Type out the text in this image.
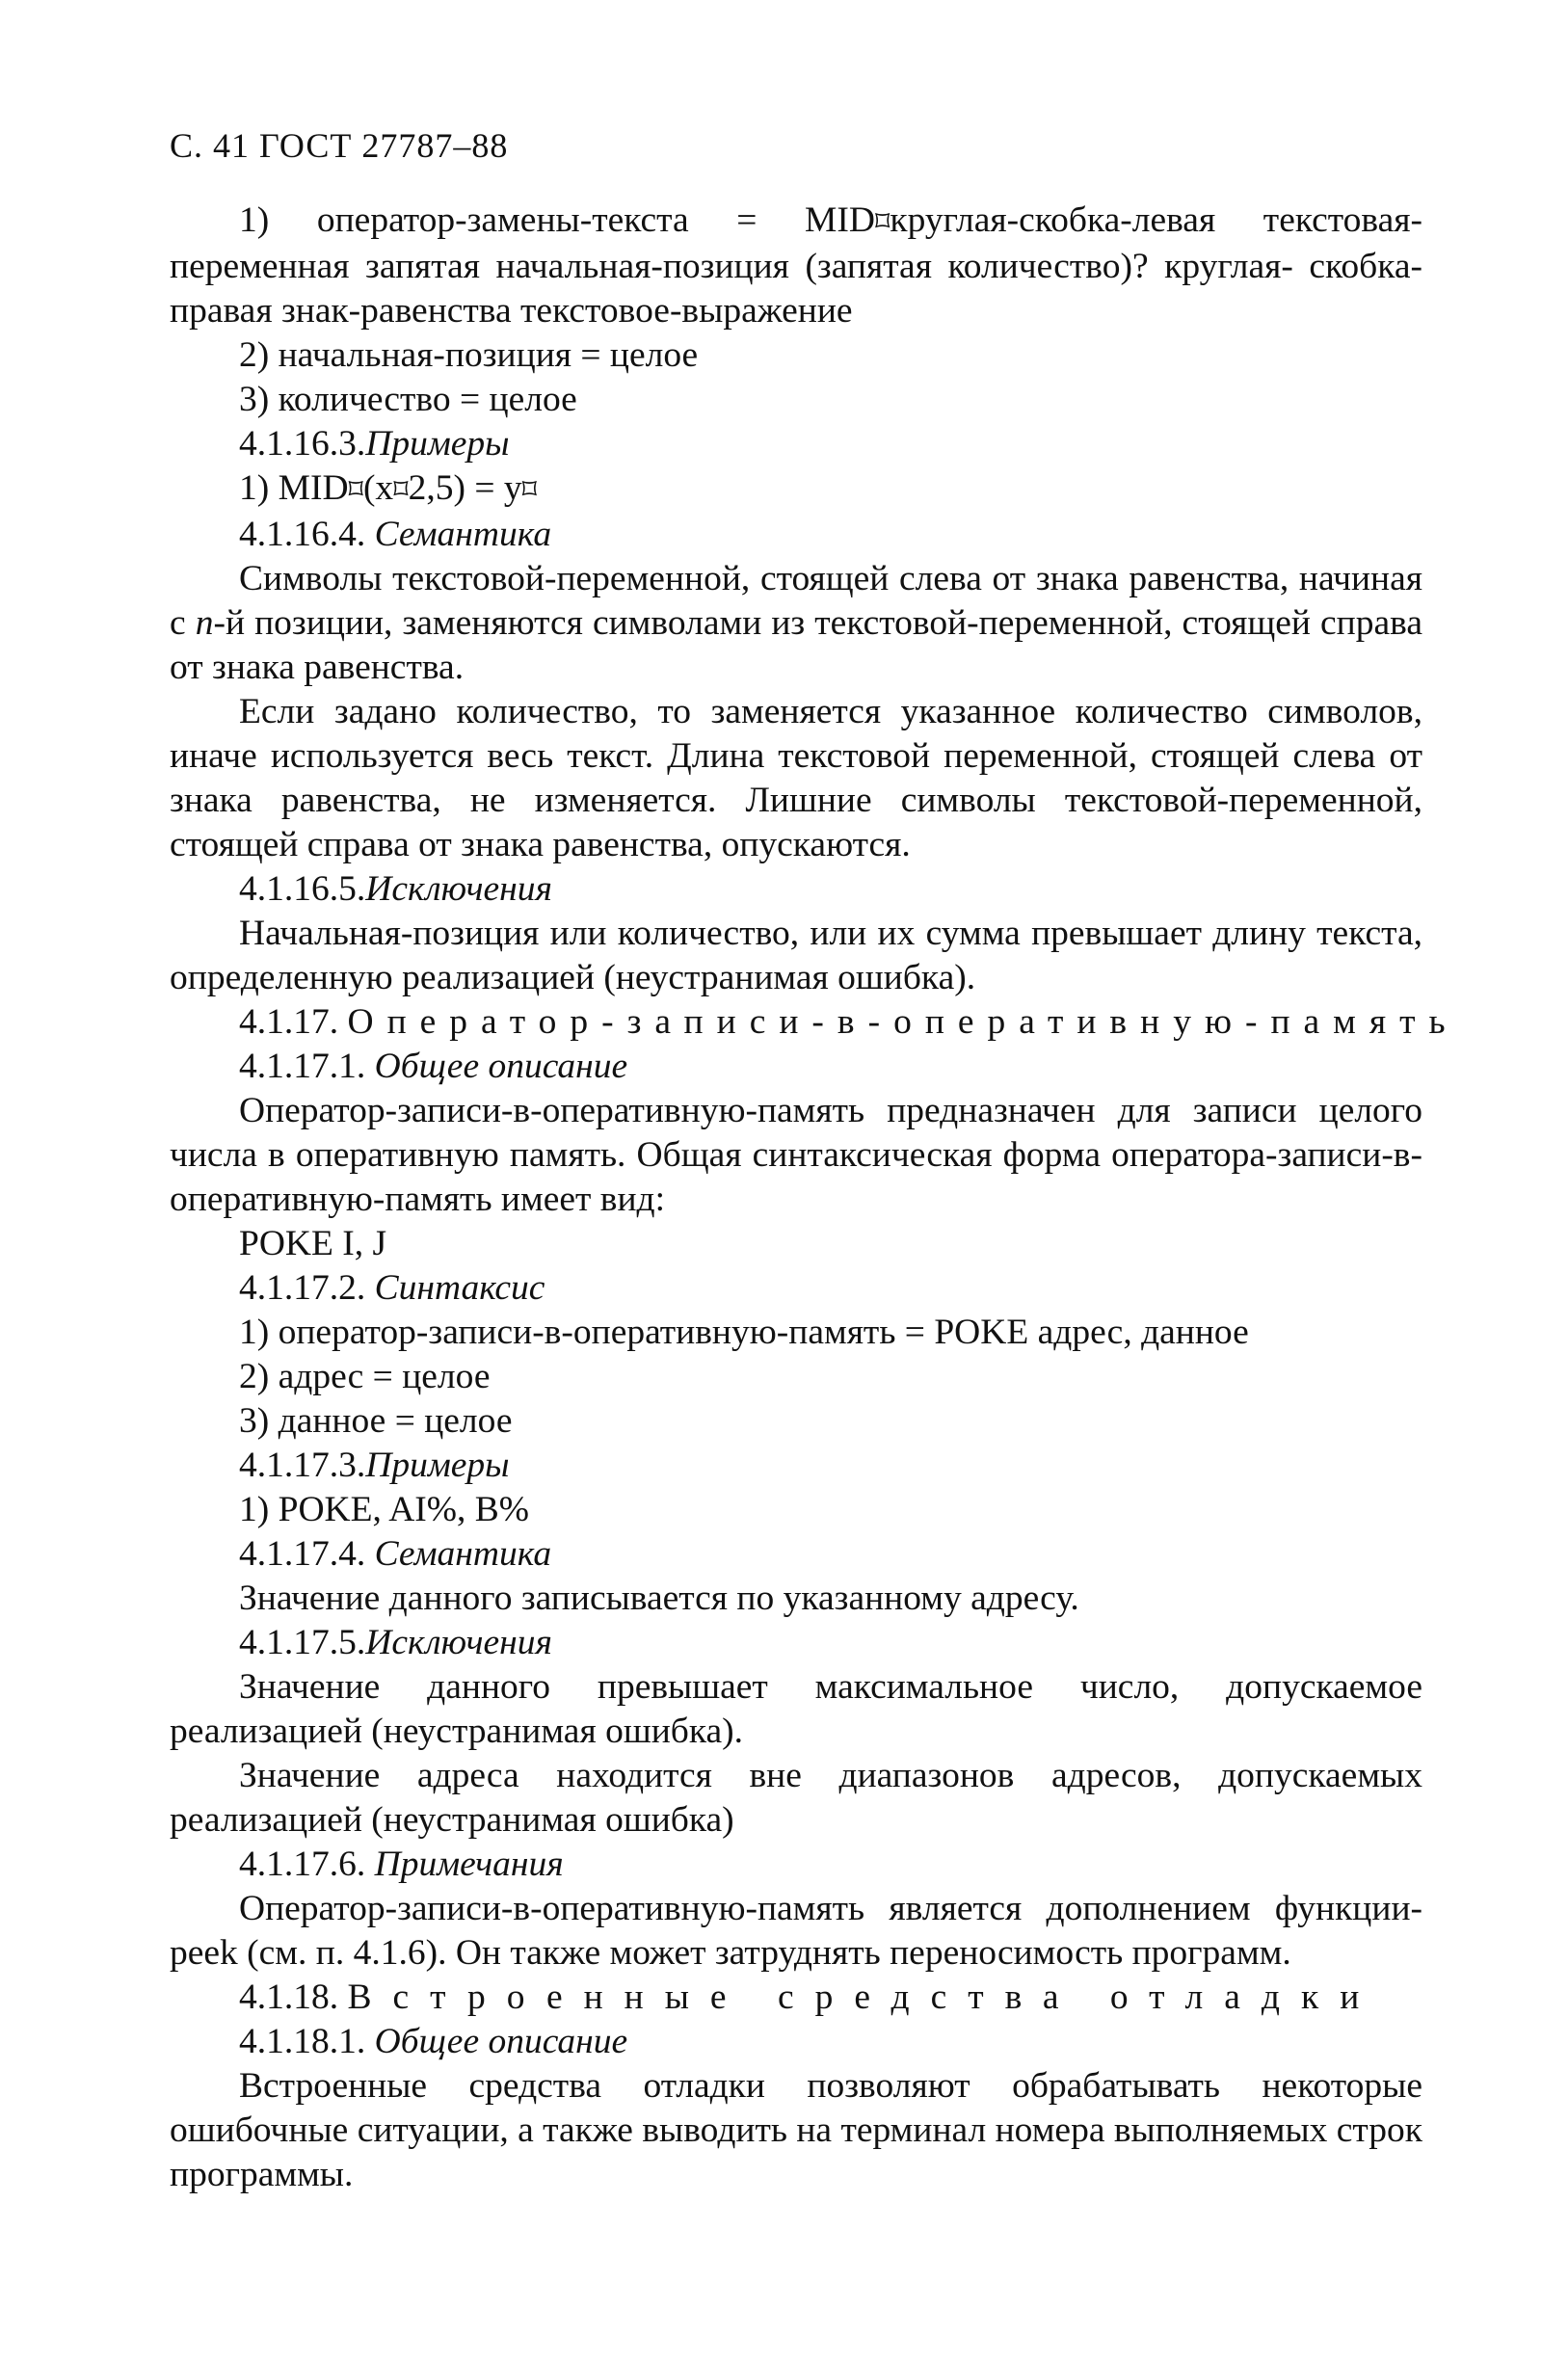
С. 41 ГОСТ 27787–88

1) оператор-замены-текста = MID⌑круглая-скобка-левая текстовая- переменная запятая начальная-позиция (запятая количество)? круглая- скобка-правая знак-равенства текстовое-выражение

2) начальная-позиция = целое

3) количество = целое

4.1.16.3.Примеры

1) MID⌑(x⌑2,5) = y⌑

4.1.16.4. Семантика

Символы текстовой-переменной, стоящей слева от знака равенства, начиная с n-й позиции, заменяются символами из текстовой-переменной, стоящей справа от знака равенства.

Если задано количество, то заменяется указанное количество символов, иначе используется весь текст. Длина текстовой переменной, стоящей слева от знака равенства, не изменяется. Лишние символы текстовой-переменной, стоящей справа от знака равенства, опускаются.

4.1.16.5.Исключения

Начальная-позиция или количество, или их сумма превышает длину текста, определенную реализацией (неустранимая ошибка).

4.1.17. Оператор-записи-в-оперативную-память

4.1.17.1. Общее описание

Оператор-записи-в-оперативную-память предназначен для записи целого числа в оперативную память. Общая синтаксическая форма оператора-записи-в-оперативную-память имеет вид:

POKE I, J

4.1.17.2. Синтаксис

1) оператор-записи-в-оперативную-память = POKE адрес, данное

2) адрес = целое

3) данное = целое

4.1.17.3.Примеры

1) POKE, AI%, B%

4.1.17.4. Семантика

Значение данного записывается по указанному адресу.

4.1.17.5.Исключения

Значение данного превышает максимальное число, допускаемое реализацией (неустранимая ошибка).

Значение адреса находится вне диапазонов адресов, допускаемых реализацией (неустранимая ошибка)

4.1.17.6. Примечания

Оператор-записи-в-оперативную-память является дополнением функции-peek (см. п. 4.1.6). Он также может затруднять переносимость программ.

4.1.18. Встроенные средства отладки

4.1.18.1. Общее описание

Встроенные средства отладки позволяют обрабатывать некоторые ошибочные ситуации, а также выводить на терминал номера выполняемых строк программы.
